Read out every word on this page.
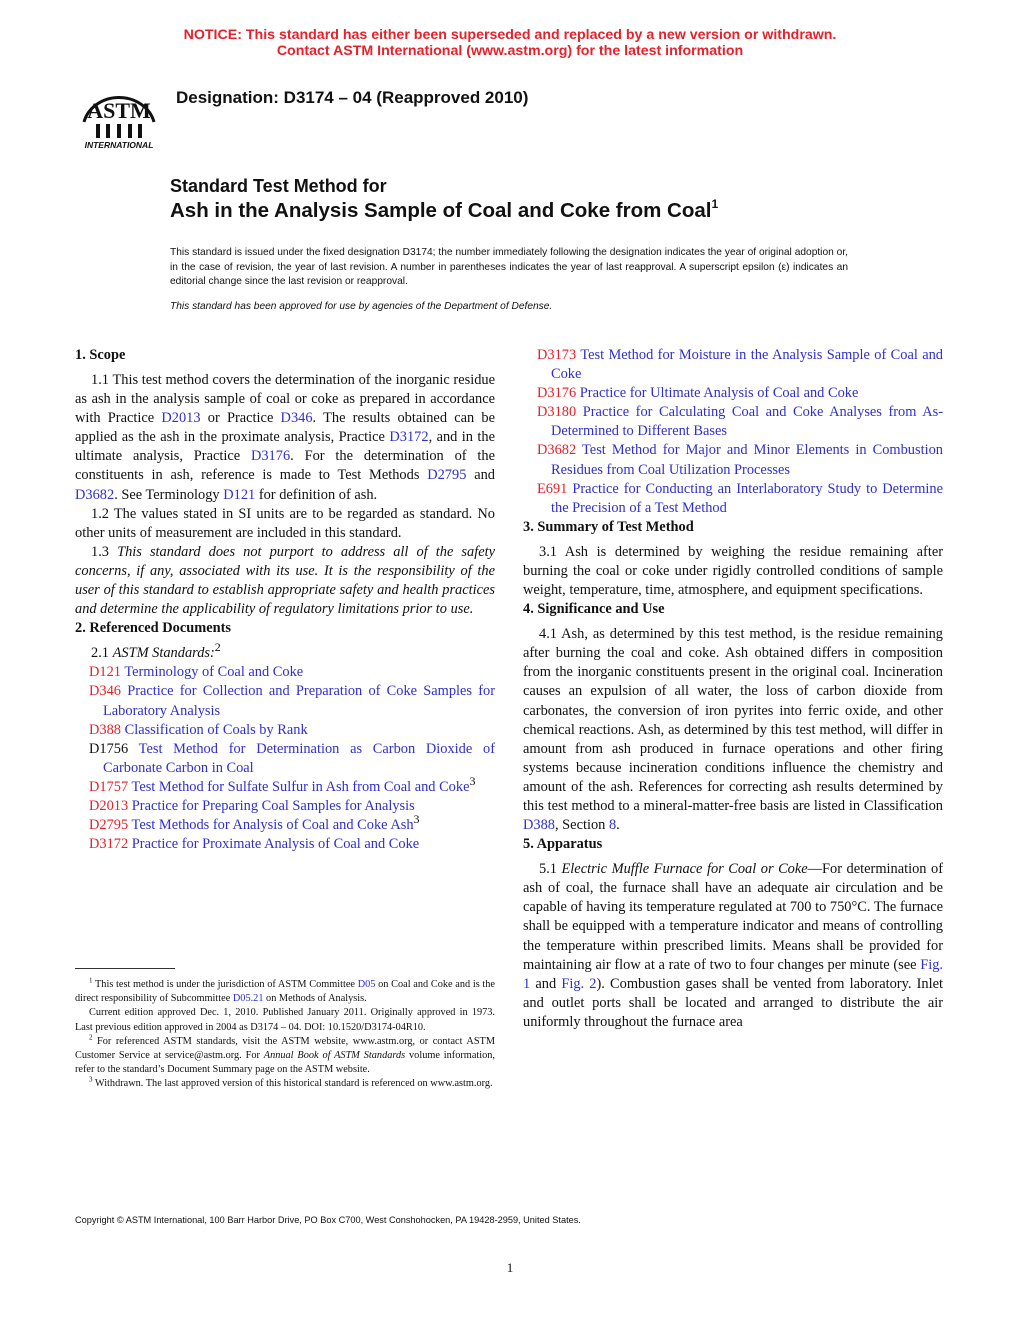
NOTICE: This standard has either been superseded and replaced by a new version or withdrawn.
Contact ASTM International (www.astm.org) for the latest information
ASTM
INTERNATIONAL
Designation: D3174 – 04 (Reapproved 2010)
Standard Test Method for
Ash in the Analysis Sample of Coal and Coke from Coal$^1$
This standard is issued under the fixed designation D3174; the number immediately following the designation indicates the year of original adoption or, in the case of revision, the year of last revision. A number in parentheses indicates the year of last reapproval. A superscript epsilon (ε) indicates an editorial change since the last revision or reapproval.
This standard has been approved for use by agencies of the Department of Defense.
1. Scope

1.1 This test method covers the determination of the inorganic residue as ash in the analysis sample of coal or coke as prepared in accordance with Practice D2013 or Practice D346. The results obtained can be applied as the ash in the proximate analysis, Practice D3172, and in the ultimate analysis, Practice D3176. For the determination of the constituents in ash, reference is made to Test Methods D2795 and D3682. See Terminology D121 for definition of ash.

1.2 The values stated in SI units are to be regarded as standard. No other units of measurement are included in this standard.

1.3 This standard does not purport to address all of the safety concerns, if any, associated with its use. It is the responsibility of the user of this standard to establish appropriate safety and health practices and determine the applicability of regulatory limitations prior to use.

2. Referenced Documents

2.1 ASTM Standards:$^2$

D121 Terminology of Coal and Coke
D346 Practice for Collection and Preparation of Coke Samples for Laboratory Analysis
D388 Classification of Coals by Rank
D1756 Test Method for Determination as Carbon Dioxide of Carbonate Carbon in Coal
D1757 Test Method for Sulfate Sulfur in Ash from Coal and Coke$^3$
D2013 Practice for Preparing Coal Samples for Analysis
D2795 Test Methods for Analysis of Coal and Coke Ash$^3$
D3172 Practice for Proximate Analysis of Coal and Coke

$^1$ This test method is under the jurisdiction of ASTM Committee D05 on Coal and Coke and is the direct responsibility of Subcommittee D05.21 on Methods of Analysis.

Current edition approved Dec. 1, 2010. Published January 2011. Originally approved in 1973. Last previous edition approved in 2004 as D3174 – 04. DOI: 10.1520/D3174-04R10.

$^2$ For referenced ASTM standards, visit the ASTM website, www.astm.org, or contact ASTM Customer Service at service@astm.org. For Annual Book of ASTM Standards volume information, refer to the standard’s Document Summary page on the ASTM website.

$^3$ Withdrawn. The last approved version of this historical standard is referenced on www.astm.org.

D3173 Test Method for Moisture in the Analysis Sample of Coal and Coke
D3176 Practice for Ultimate Analysis of Coal and Coke
D3180 Practice for Calculating Coal and Coke Analyses from As-Determined to Different Bases
D3682 Test Method for Major and Minor Elements in Combustion Residues from Coal Utilization Processes
E691 Practice for Conducting an Interlaboratory Study to Determine the Precision of a Test Method
3. Summary of Test Method

3.1 Ash is determined by weighing the residue remaining after burning the coal or coke under rigidly controlled conditions of sample weight, temperature, time, atmosphere, and equipment specifications.

4. Significance and Use

4.1 Ash, as determined by this test method, is the residue remaining after burning the coal and coke. Ash obtained differs in composition from the inorganic constituents present in the original coal. Incineration causes an expulsion of all water, the loss of carbon dioxide from carbonates, the conversion of iron pyrites into ferric oxide, and other chemical reactions. Ash, as determined by this test method, will differ in amount from ash produced in furnace operations and other firing systems because incineration conditions influence the chemistry and amount of the ash. References for correcting ash results determined by this test method to a mineral-matter-free basis are listed in Classification D388, Section 8.

5. Apparatus

5.1 Electric Muffle Furnace for Coal or Coke—For determination of ash of coal, the furnace shall have an adequate air circulation and be capable of having its temperature regulated at 700 to 750°C. The furnace shall be equipped with a temperature indicator and means of controlling the temperature within prescribed limits. Means shall be provided for maintaining air flow at a rate of two to four changes per minute (see Fig. 1 and Fig. 2). Combustion gases shall be vented from laboratory. Inlet and outlet ports shall be located and arranged to distribute the air uniformly throughout the furnace area

Copyright © ASTM International, 100 Barr Harbor Drive, PO Box C700, West Conshohocken, PA 19428-2959, United States.
1
